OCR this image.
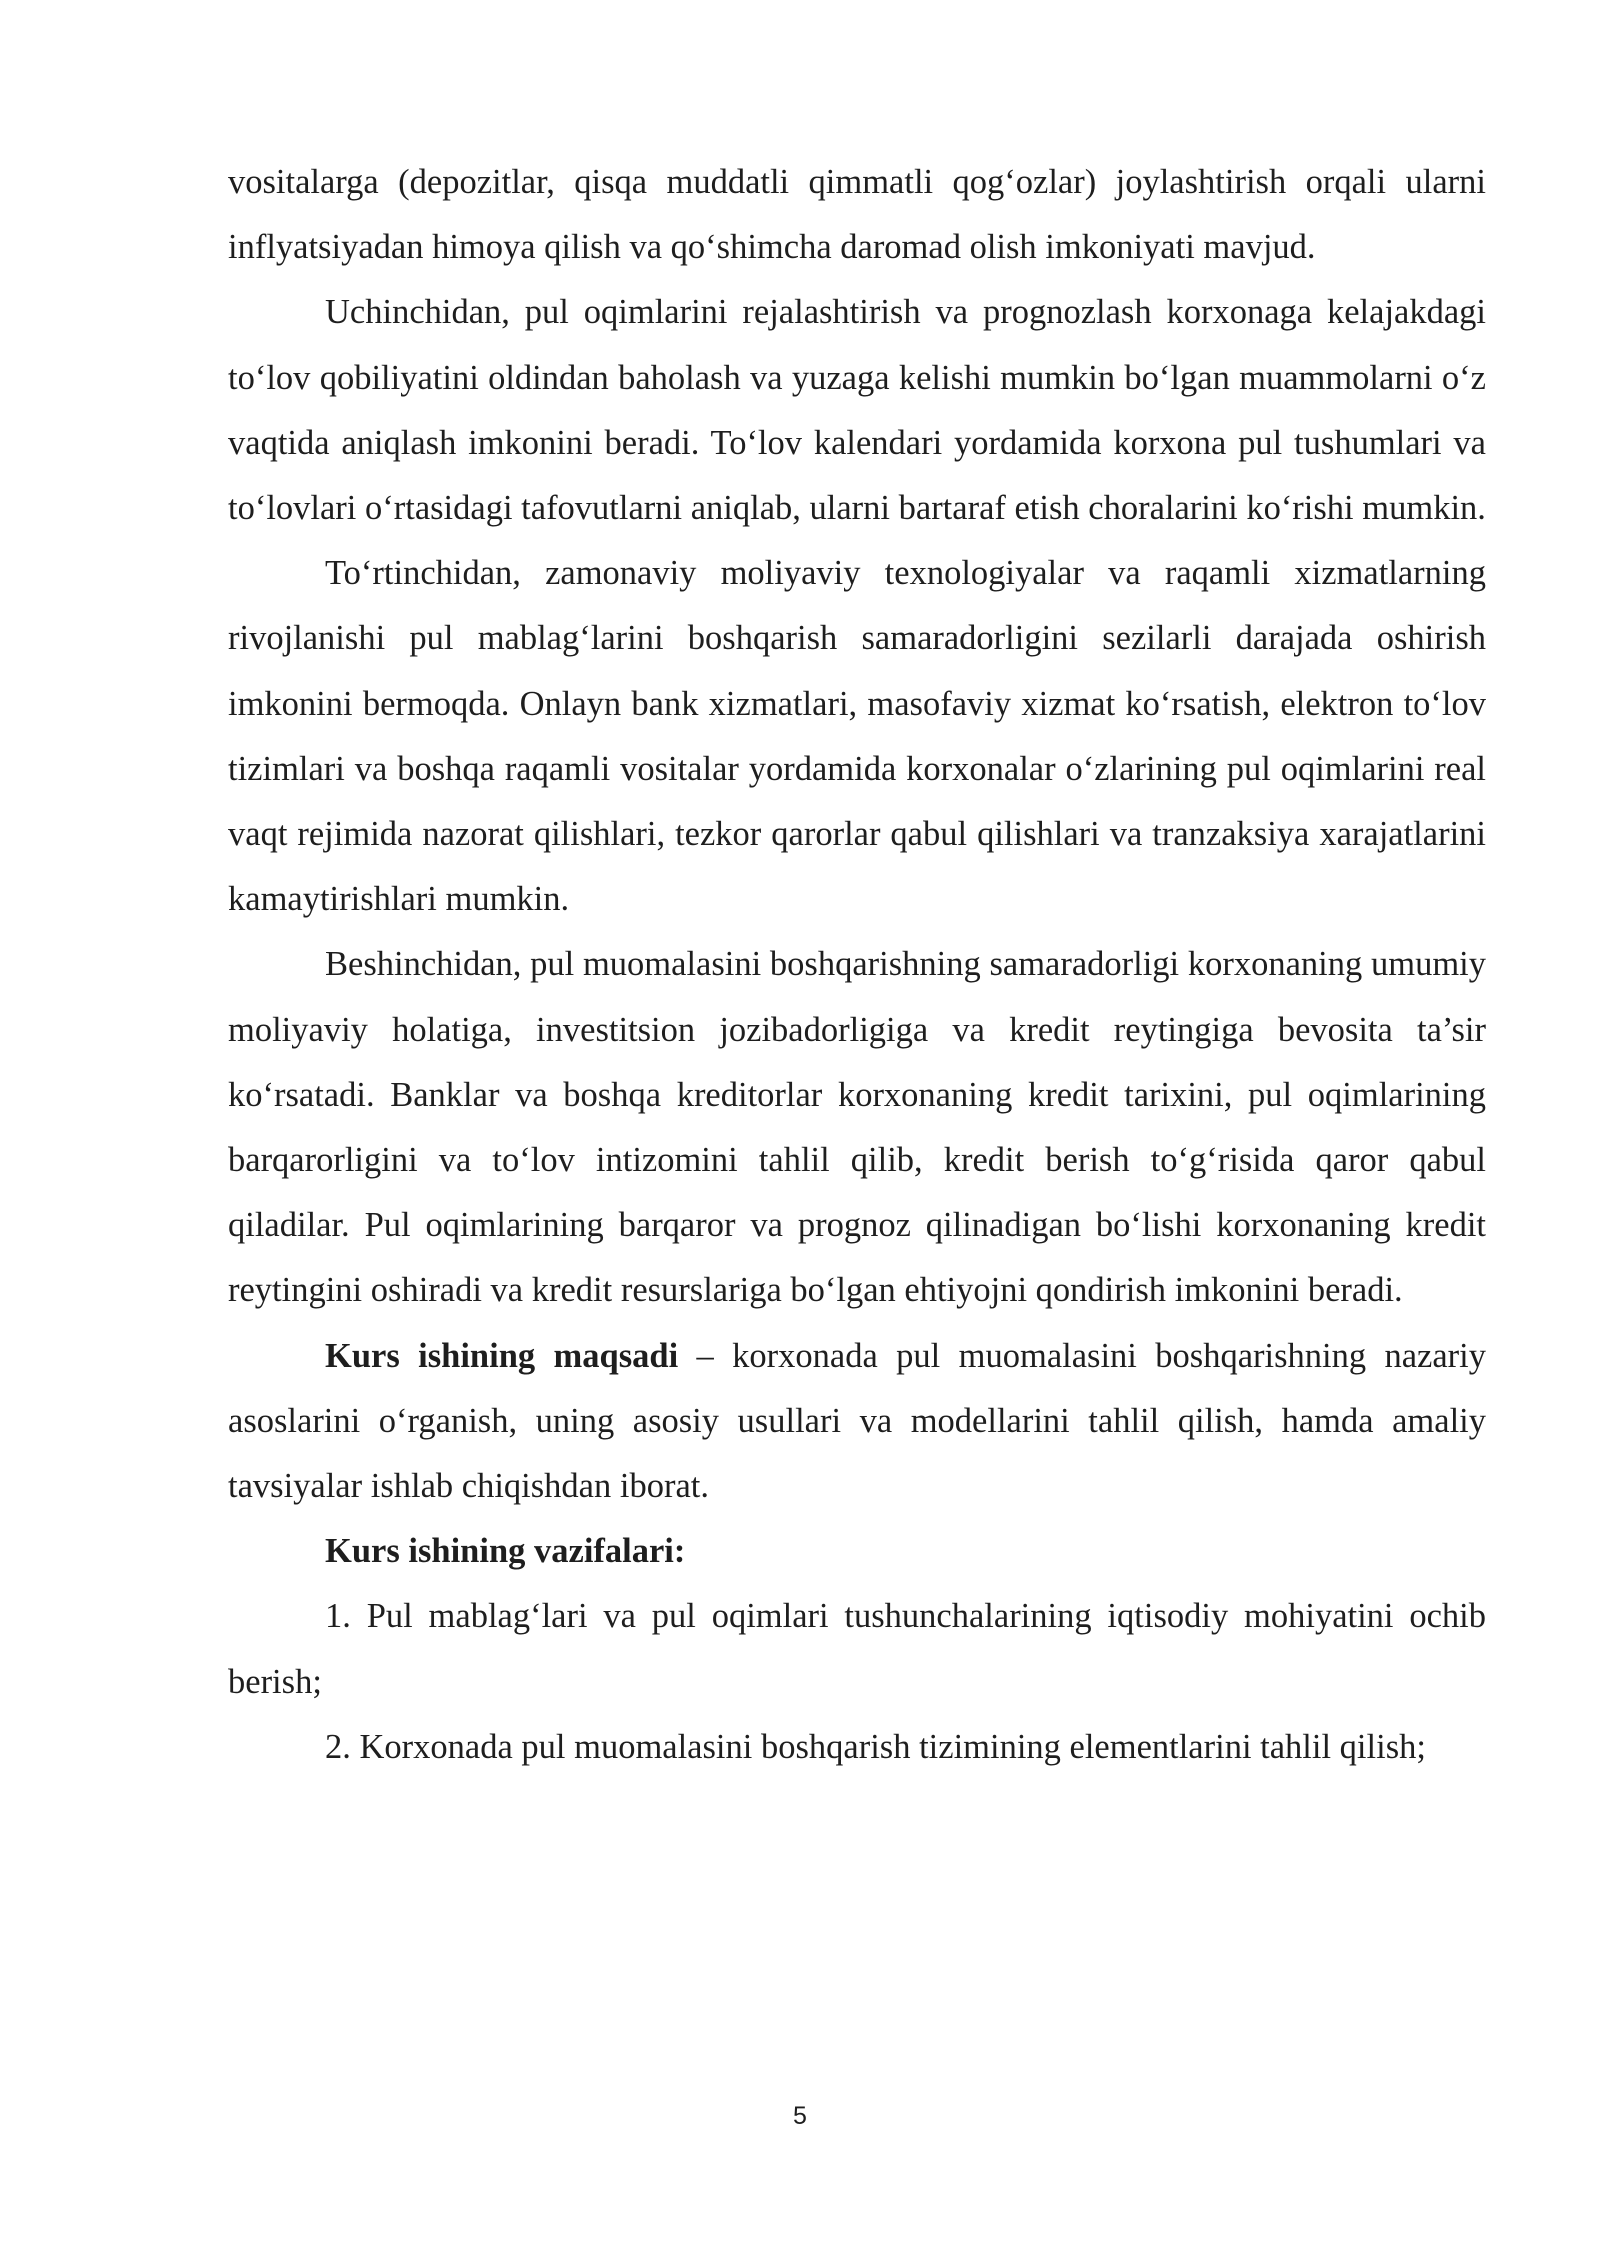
vositalarga (depozitlar, qisqa muddatli qimmatli qog‘ozlar) joylashtirish orqali ularni inflyatsiyadan himoya qilish va qo‘shimcha daromad olish imkoniyati mavjud.

Uchinchidan, pul oqimlarini rejalashtirish va prognozlash korxonaga kelajakdagi to‘lov qobiliyatini oldindan baholash va yuzaga kelishi mumkin bo‘lgan muammolarni o‘z vaqtida aniqlash imkonini beradi. To‘lov kalendari yordamida korxona pul tushumlari va to‘lovlari o‘rtasidagi tafovutlarni aniqlab, ularni bartaraf etish choralarini ko‘rishi mumkin.

To‘rtinchidan, zamonaviy moliyaviy texnologiyalar va raqamli xizmatlarning rivojlanishi pul mablag‘larini boshqarish samaradorligini sezilarli darajada oshirish imkonini bermoqda. Onlayn bank xizmatlari, masofaviy xizmat ko‘rsatish, elektron to‘lov tizimlari va boshqa raqamli vositalar yordamida korxonalar o‘zlarining pul oqimlarini real vaqt rejimida nazorat qilishlari, tezkor qarorlar qabul qilishlari va tranzaksiya xarajatlarini kamaytirishlari mumkin.

Beshinchidan, pul muomalasini boshqarishning samaradorligi korxonaning umumiy moliyaviy holatiga, investitsion jozibadorligiga va kredit reytingiga bevosita ta’sir ko‘rsatadi. Banklar va boshqa kreditorlar korxonaning kredit tarixini, pul oqimlarining barqarorligini va to‘lov intizomini tahlil qilib, kredit berish to‘g‘risida qaror qabul qiladilar. Pul oqimlarining barqaror va prognoz qilinadigan bo‘lishi korxonaning kredit reytingini oshiradi va kredit resurslariga bo‘lgan ehtiyojni qondirish imkonini beradi.

Kurs ishining maqsadi – korxonada pul muomalasini boshqarishning nazariy asoslarini o‘rganish, uning asosiy usullari va modellarini tahlil qilish, hamda amaliy tavsiyalar ishlab chiqishdan iborat.

Kurs ishining vazifalari:

1. Pul mablag‘lari va pul oqimlari tushunchalarining iqtisodiy mohiyatini ochib berish;

2. Korxonada pul muomalasini boshqarish tizimining elementlarini tahlil qilish;

5
